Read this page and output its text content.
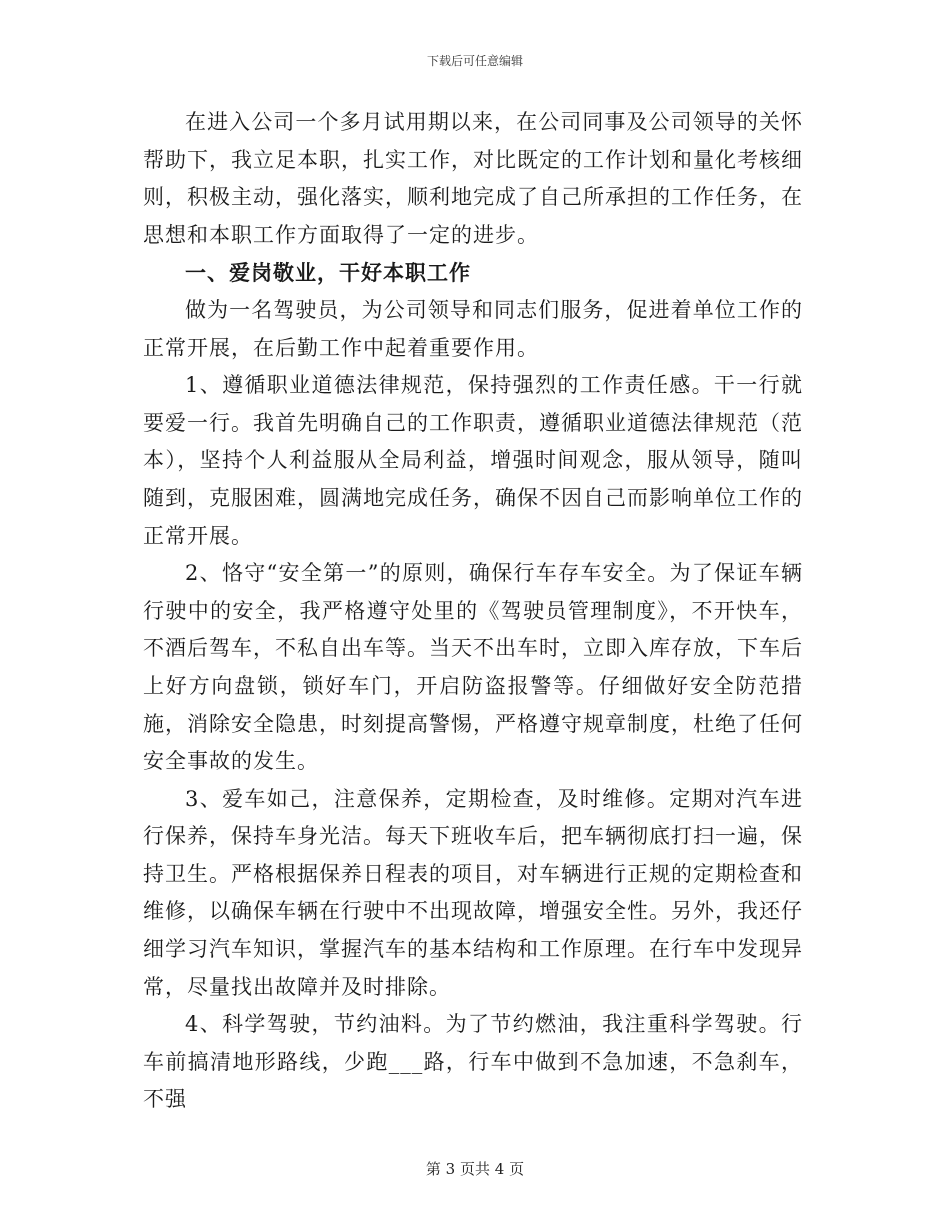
下载后可任意编辑

在进入公司一个多月试用期以来，在公司同事及公司领导的关怀帮助下，我立足本职，扎实工作，对比既定的工作计划和量化考核细则，积极主动，强化落实，顺利地完成了自己所承担的工作任务，在思想和本职工作方面取得了一定的进步。

一、爱岗敬业，干好本职工作

做为一名驾驶员，为公司领导和同志们服务，促进着单位工作的正常开展，在后勤工作中起着重要作用。

1、遵循职业道德法律规范，保持强烈的工作责任感。干一行就要爱一行。我首先明确自己的工作职责，遵循职业道德法律规范（范本），坚持个人利益服从全局利益，增强时间观念，服从领导，随叫随到，克服困难，圆满地完成任务，确保不因自己而影响单位工作的正常开展。

2、恪守“安全第一”的原则，确保行车存车安全。为了保证车辆行驶中的安全，我严格遵守处里的《驾驶员管理制度》，不开快车，不酒后驾车，不私自出车等。当天不出车时，立即入库存放，下车后上好方向盘锁，锁好车门，开启防盗报警等。仔细做好安全防范措施，消除安全隐患，时刻提高警惕，严格遵守规章制度，杜绝了任何安全事故的发生。

3、爱车如己，注意保养，定期检查，及时维修。定期对汽车进行保养，保持车身光洁。每天下班收车后，把车辆彻底打扫一遍，保持卫生。严格根据保养日程表的项目，对车辆进行正规的定期检查和维修，以确保车辆在行驶中不出现故障，增强安全性。另外，我还仔细学习汽车知识，掌握汽车的基本结构和工作原理。在行车中发现异常，尽量找出故障并及时排除。

4、科学驾驶，节约油料。为了节约燃油，我注重科学驾驶。行车前搞清地形路线，少跑___路，行车中做到不急加速，不急刹车，不强

第 3 页共 4 页
